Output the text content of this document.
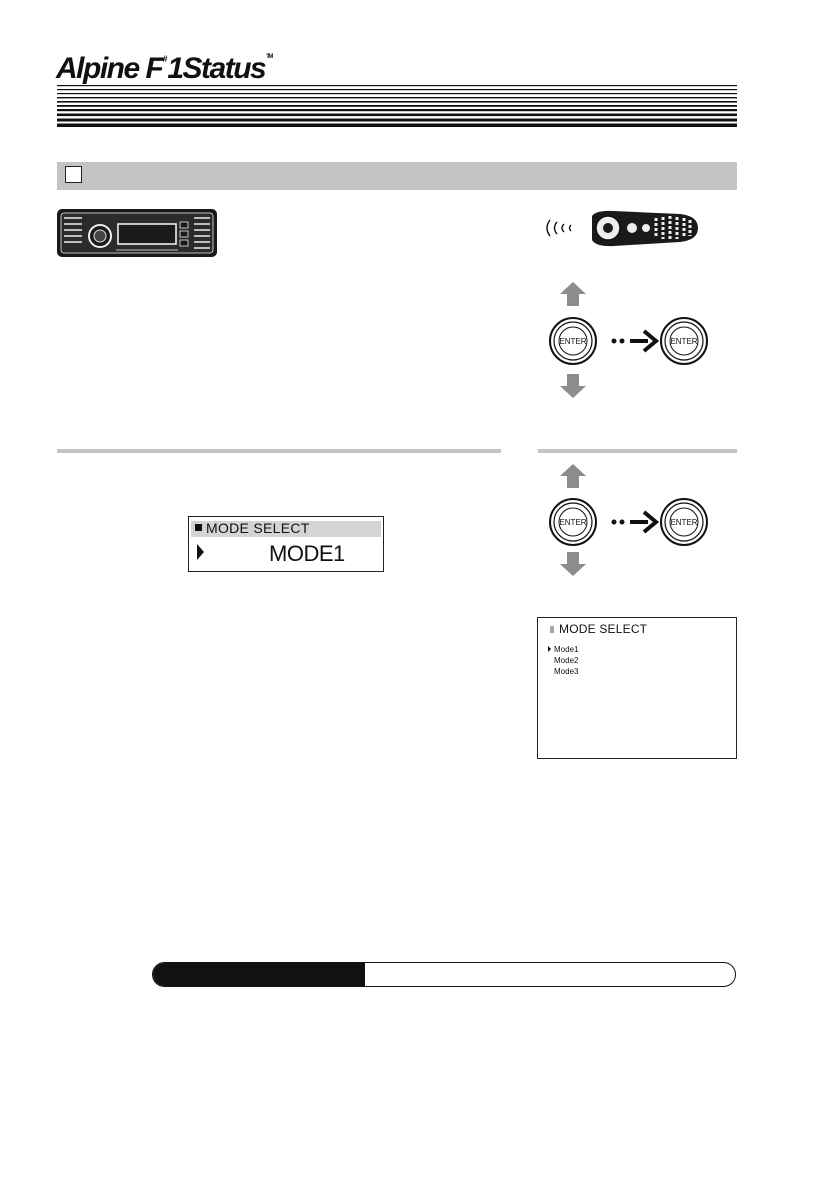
Alpine F#1Status™
ENTER	ENTER
ENTER	ENTER
MODE SELECT
MODE1
MODE SELECT
Mode1
Mode2
Mode3
